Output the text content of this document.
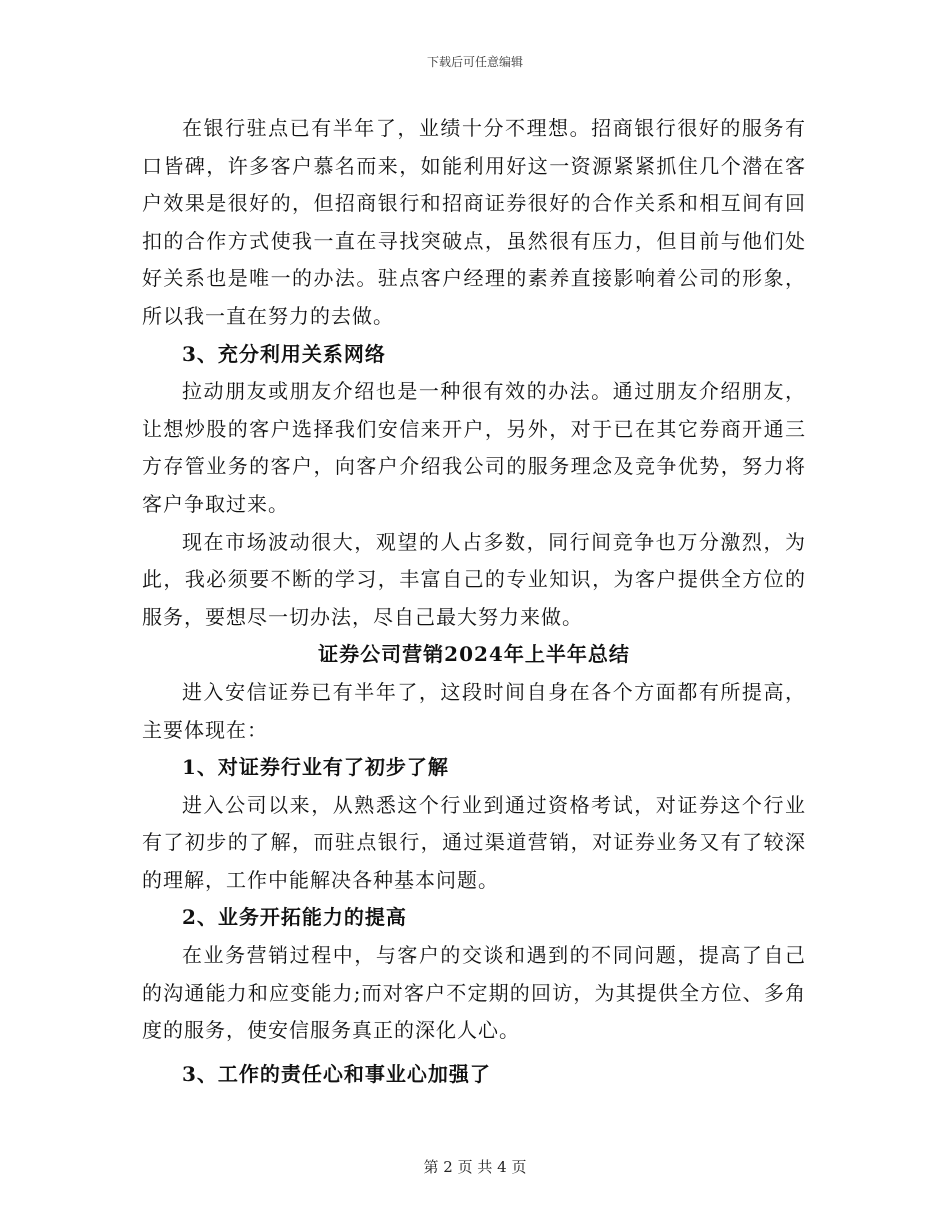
下载后可任意编辑

在银行驻点已有半年了，业绩十分不理想。招商银行很好的服务有口皆碑，许多客户慕名而来，如能利用好这一资源紧紧抓住几个潜在客户效果是很好的，但招商银行和招商证券很好的合作关系和相互间有回扣的合作方式使我一直在寻找突破点，虽然很有压力，但目前与他们处好关系也是唯一的办法。驻点客户经理的素养直接影响着公司的形象，所以我一直在努力的去做。

3、充分利用关系网络

拉动朋友或朋友介绍也是一种很有效的办法。通过朋友介绍朋友，让想炒股的客户选择我们安信来开户，另外，对于已在其它券商开通三方存管业务的客户，向客户介绍我公司的服务理念及竞争优势，努力将客户争取过来。

现在市场波动很大，观望的人占多数，同行间竞争也万分激烈，为此，我必须要不断的学习，丰富自己的专业知识，为客户提供全方位的服务，要想尽一切办法，尽自己最大努力来做。

证券公司营销2024年上半年总结

进入安信证券已有半年了，这段时间自身在各个方面都有所提高，主要体现在：

1、对证券行业有了初步了解

进入公司以来，从熟悉这个行业到通过资格考试，对证券这个行业有了初步的了解，而驻点银行，通过渠道营销，对证券业务又有了较深的理解，工作中能解决各种基本问题。

2、业务开拓能力的提高

在业务营销过程中，与客户的交谈和遇到的不同问题，提高了自己的沟通能力和应变能力;而对客户不定期的回访，为其提供全方位、多角度的服务，使安信服务真正的深化人心。

3、工作的责任心和事业心加强了

第 2 页 共 4 页
